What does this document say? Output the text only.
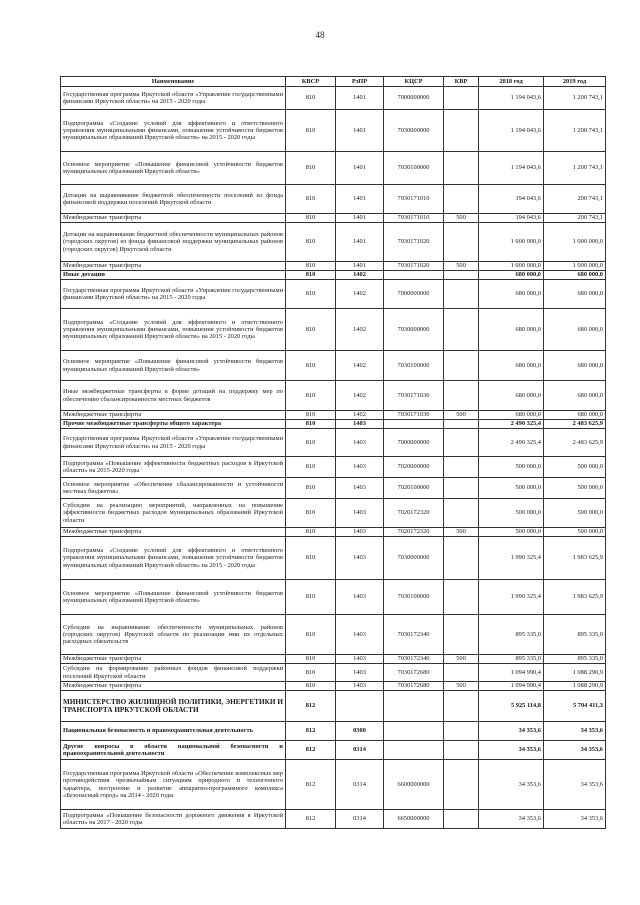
48
Наименование	КВСР	РзПР	КЦСР	КВР	2018 год	2019 год
Государственная программа Иркутской области «Управление государственными финансами Иркутской области» на 2015 - 2020 годы	810	1401	7000000000		1 194 043,6	1 200 743,1
Подпрограмма «Создание условий для эффективного и ответственного управления муниципальными финансами, повышения устойчивости бюджетов муниципальных образований Иркутской области» на 2015 - 2020 годы	810	1401	7030000000		1 194 043,6	1 200 743,1
Основное мероприятие «Повышение финансовой устойчивости бюджетов муниципальных образований Иркутской области»	810	1401	7030100000		1 194 043,6	1 200 743,1
Дотации на выравнивание бюджетной обеспеченности поселений из фонда финансовой поддержки поселений Иркутской области	810	1401	7030171010		194 043,6	200 743,1
Межбюджетные трансферты	810	1401	7030171010	500	194 043,6	200 743,1
Дотации на выравнивание бюджетной обеспеченности муниципальных районов (городских округов) из фонда финансовой поддержки муниципальных районов (городских округов) Иркутской области	810	1401	7030171020		1 000 000,0	1 000 000,0
Межбюджетные трансферты	810	1401	7030171020	500	1 000 000,0	1 000 000,0
Иные дотации	810	1402			680 000,0	680 000,0
Государственная программа Иркутской области «Управление государственными финансами Иркутской области» на 2015 - 2020 годы	810	1402	7000000000		680 000,0	680 000,0
Подпрограмма «Создание условий для эффективного и ответственного управления муниципальными финансами, повышения устойчивости бюджетов муниципальных образований Иркутской области» на 2015 - 2020 годы	810	1402	7030000000		680 000,0	680 000,0
Основное мероприятие «Повышение финансовой устойчивости бюджетов муниципальных образований Иркутской области»	810	1402	7030100000		680 000,0	680 000,0
Иные межбюджетные трансферты в форме дотаций на поддержку мер по обеспечению сбалансированности местных бюджетов	810	1402	7030171030		680 000,0	680 000,0
Межбюджетные трансферты	810	1402	7030171030	500	680 000,0	680 000,0
Прочие межбюджетные трансферты общего характера	810	1403			2 490 325,4	2 483 625,9
Государственная программа Иркутской области «Управление государственными финансами Иркутской области» на 2015 - 2020 годы	810	1403	7000000000		2 490 325,4	2 483 625,9
Подпрограмма «Повышение эффективности бюджетных расходов в Иркутской области» на 2015-2020 годы	810	1403	7020000000		500 000,0	500 000,0
Основное мероприятие «Обеспечение сбалансированности и устойчивости местных бюджетов»	810	1403	7020100000		500 000,0	500 000,0
Субсидии на реализацию мероприятий, направленных на повышение эффективности бюджетных расходов муниципальных образований Иркутской области	810	1403	7020172320		500 000,0	500 000,0
Межбюджетные трансферты	810	1403	7020172320	500	500 000,0	500 000,0
Подпрограмма «Создание условий для эффективного и ответственного управления муниципальными финансами, повышения устойчивости бюджетов муниципальных образований Иркутской области» на 2015 - 2020 годы	810	1403	7030000000		1 990 325,4	1 983 625,9
Основное мероприятие «Повышение финансовой устойчивости бюджетов муниципальных образований Иркутской области»	810	1403	7030100000		1 990 325,4	1 983 625,9
Субсидии на выравнивание обеспеченности муниципальных районов (городских округов) Иркутской области по реализации ими их отдельных расходных обязательств	810	1403	7030172340		895 335,0	895 335,0
Межбюджетные трансферты	810	1403	7030172340	500	895 335,0	895 335,0
Субсидии на формирование районных фондов финансовой поддержки поселений Иркутской области	810	1403	7030172680		1 094 990,4	1 088 290,9
Межбюджетные трансферты	810	1403	7030172680	500	1 094 990,4	1 088 290,9
МИНИСТЕРСТВО ЖИЛИЩНОЙ ПОЛИТИКИ, ЭНЕРГЕТИКИ И ТРАНСПОРТА ИРКУТСКОЙ ОБЛАСТИ	812				5 925 114,8	5 704 411,3
Национальная безопасность и правоохранительная деятельность	812	0300			34 353,6	34 353,6
Другие вопросы в области национальной безопасности и правоохранительной деятельности	812	0314			34 353,6	34 353,6
Государственная программа Иркутской области «Обеспечение комплексных мер противодействия чрезвычайным ситуациям природного и техногенного характера, построение и развитие аппаратно-программного комплекса «Безопасный город» на 2014 - 2020 годы	812	0314	6600000000		34 353,6	34 353,6
Подпрограмма «Повышение безопасности дорожного движения в Иркутской области» на 2017 - 2020 годы	812	0314	6650000000		34 353,6	34 353,6
